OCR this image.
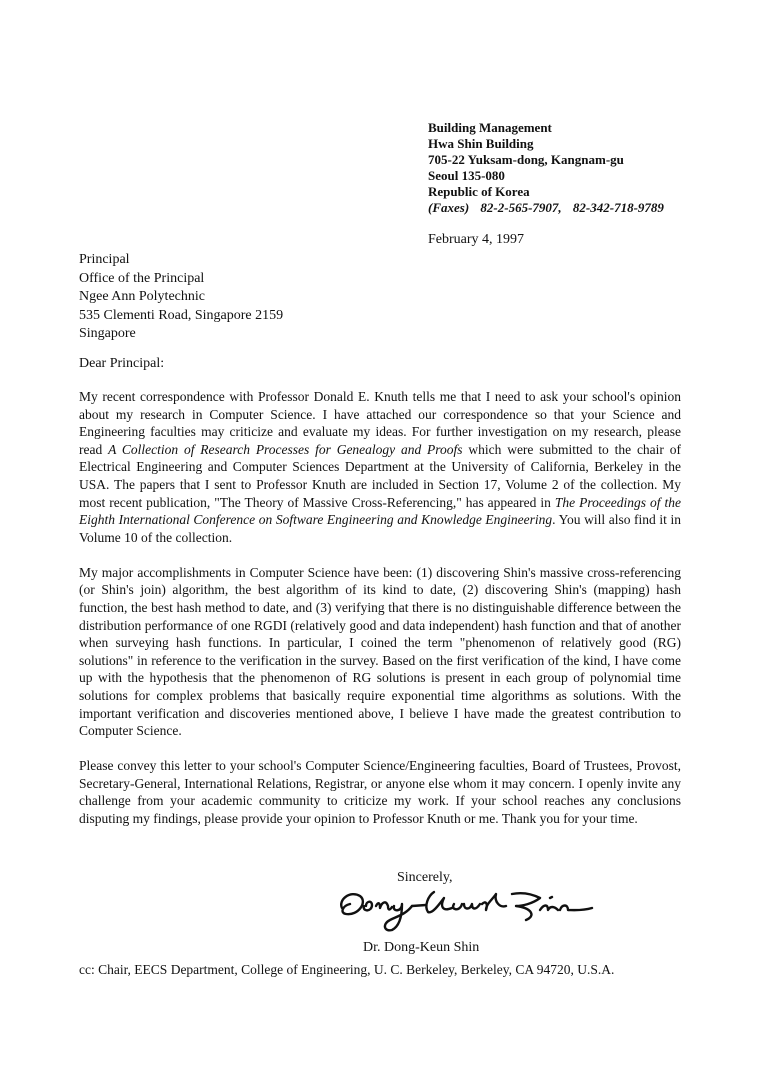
Building Management
Hwa Shin Building
705-22 Yuksam-dong, Kangnam-gu
Seoul 135-080
Republic of Korea
(Faxes) 82-2-565-7907, 82-342-718-9789
February 4, 1997
Principal
Office of the Principal
Ngee Ann Polytechnic
535 Clementi Road, Singapore 2159
Singapore
Dear Principal:

My recent correspondence with Professor Donald E. Knuth tells me that I need to ask your school's opinion about my research in Computer Science. I have attached our correspondence so that your Science and Engineering faculties may criticize and evaluate my ideas. For further investigation on my research, please read A Collection of Research Processes for Genealogy and Proofs which were submitted to the chair of Electrical Engineering and Computer Sciences Department at the University of California, Berkeley in the USA. The papers that I sent to Professor Knuth are included in Section 17, Volume 2 of the collection. My most recent publication, "The Theory of Massive Cross-Referencing," has appeared in The Proceedings of the Eighth International Conference on Software Engineering and Knowledge Engineering. You will also find it in Volume 10 of the collection.

My major accomplishments in Computer Science have been: (1) discovering Shin's massive cross-referencing (or Shin's join) algorithm, the best algorithm of its kind to date, (2) discovering Shin's (mapping) hash function, the best hash method to date, and (3) verifying that there is no distinguishable difference between the distribution performance of one RGDI (relatively good and data independent) hash function and that of another when surveying hash functions. In particular, I coined the term "phenomenon of relatively good (RG) solutions" in reference to the verification in the survey. Based on the first verification of the kind, I have come up with the hypothesis that the phenomenon of RG solutions is present in each group of polynomial time solutions for complex problems that basically require exponential time algorithms as solutions. With the important verification and discoveries mentioned above, I believe I have made the greatest contribution to Computer Science.

Please convey this letter to your school's Computer Science/Engineering faculties, Board of Trustees, Provost, Secretary-General, International Relations, Registrar, or anyone else whom it may concern. I openly invite any challenge from your academic community to criticize my work. If your school reaches any conclusions disputing my findings, please provide your opinion to Professor Knuth or me. Thank you for your time.

Sincerely,
Dr. Dong-Keun Shin
cc: Chair, EECS Department, College of Engineering, U. C. Berkeley, Berkeley, CA 94720, U.S.A.
